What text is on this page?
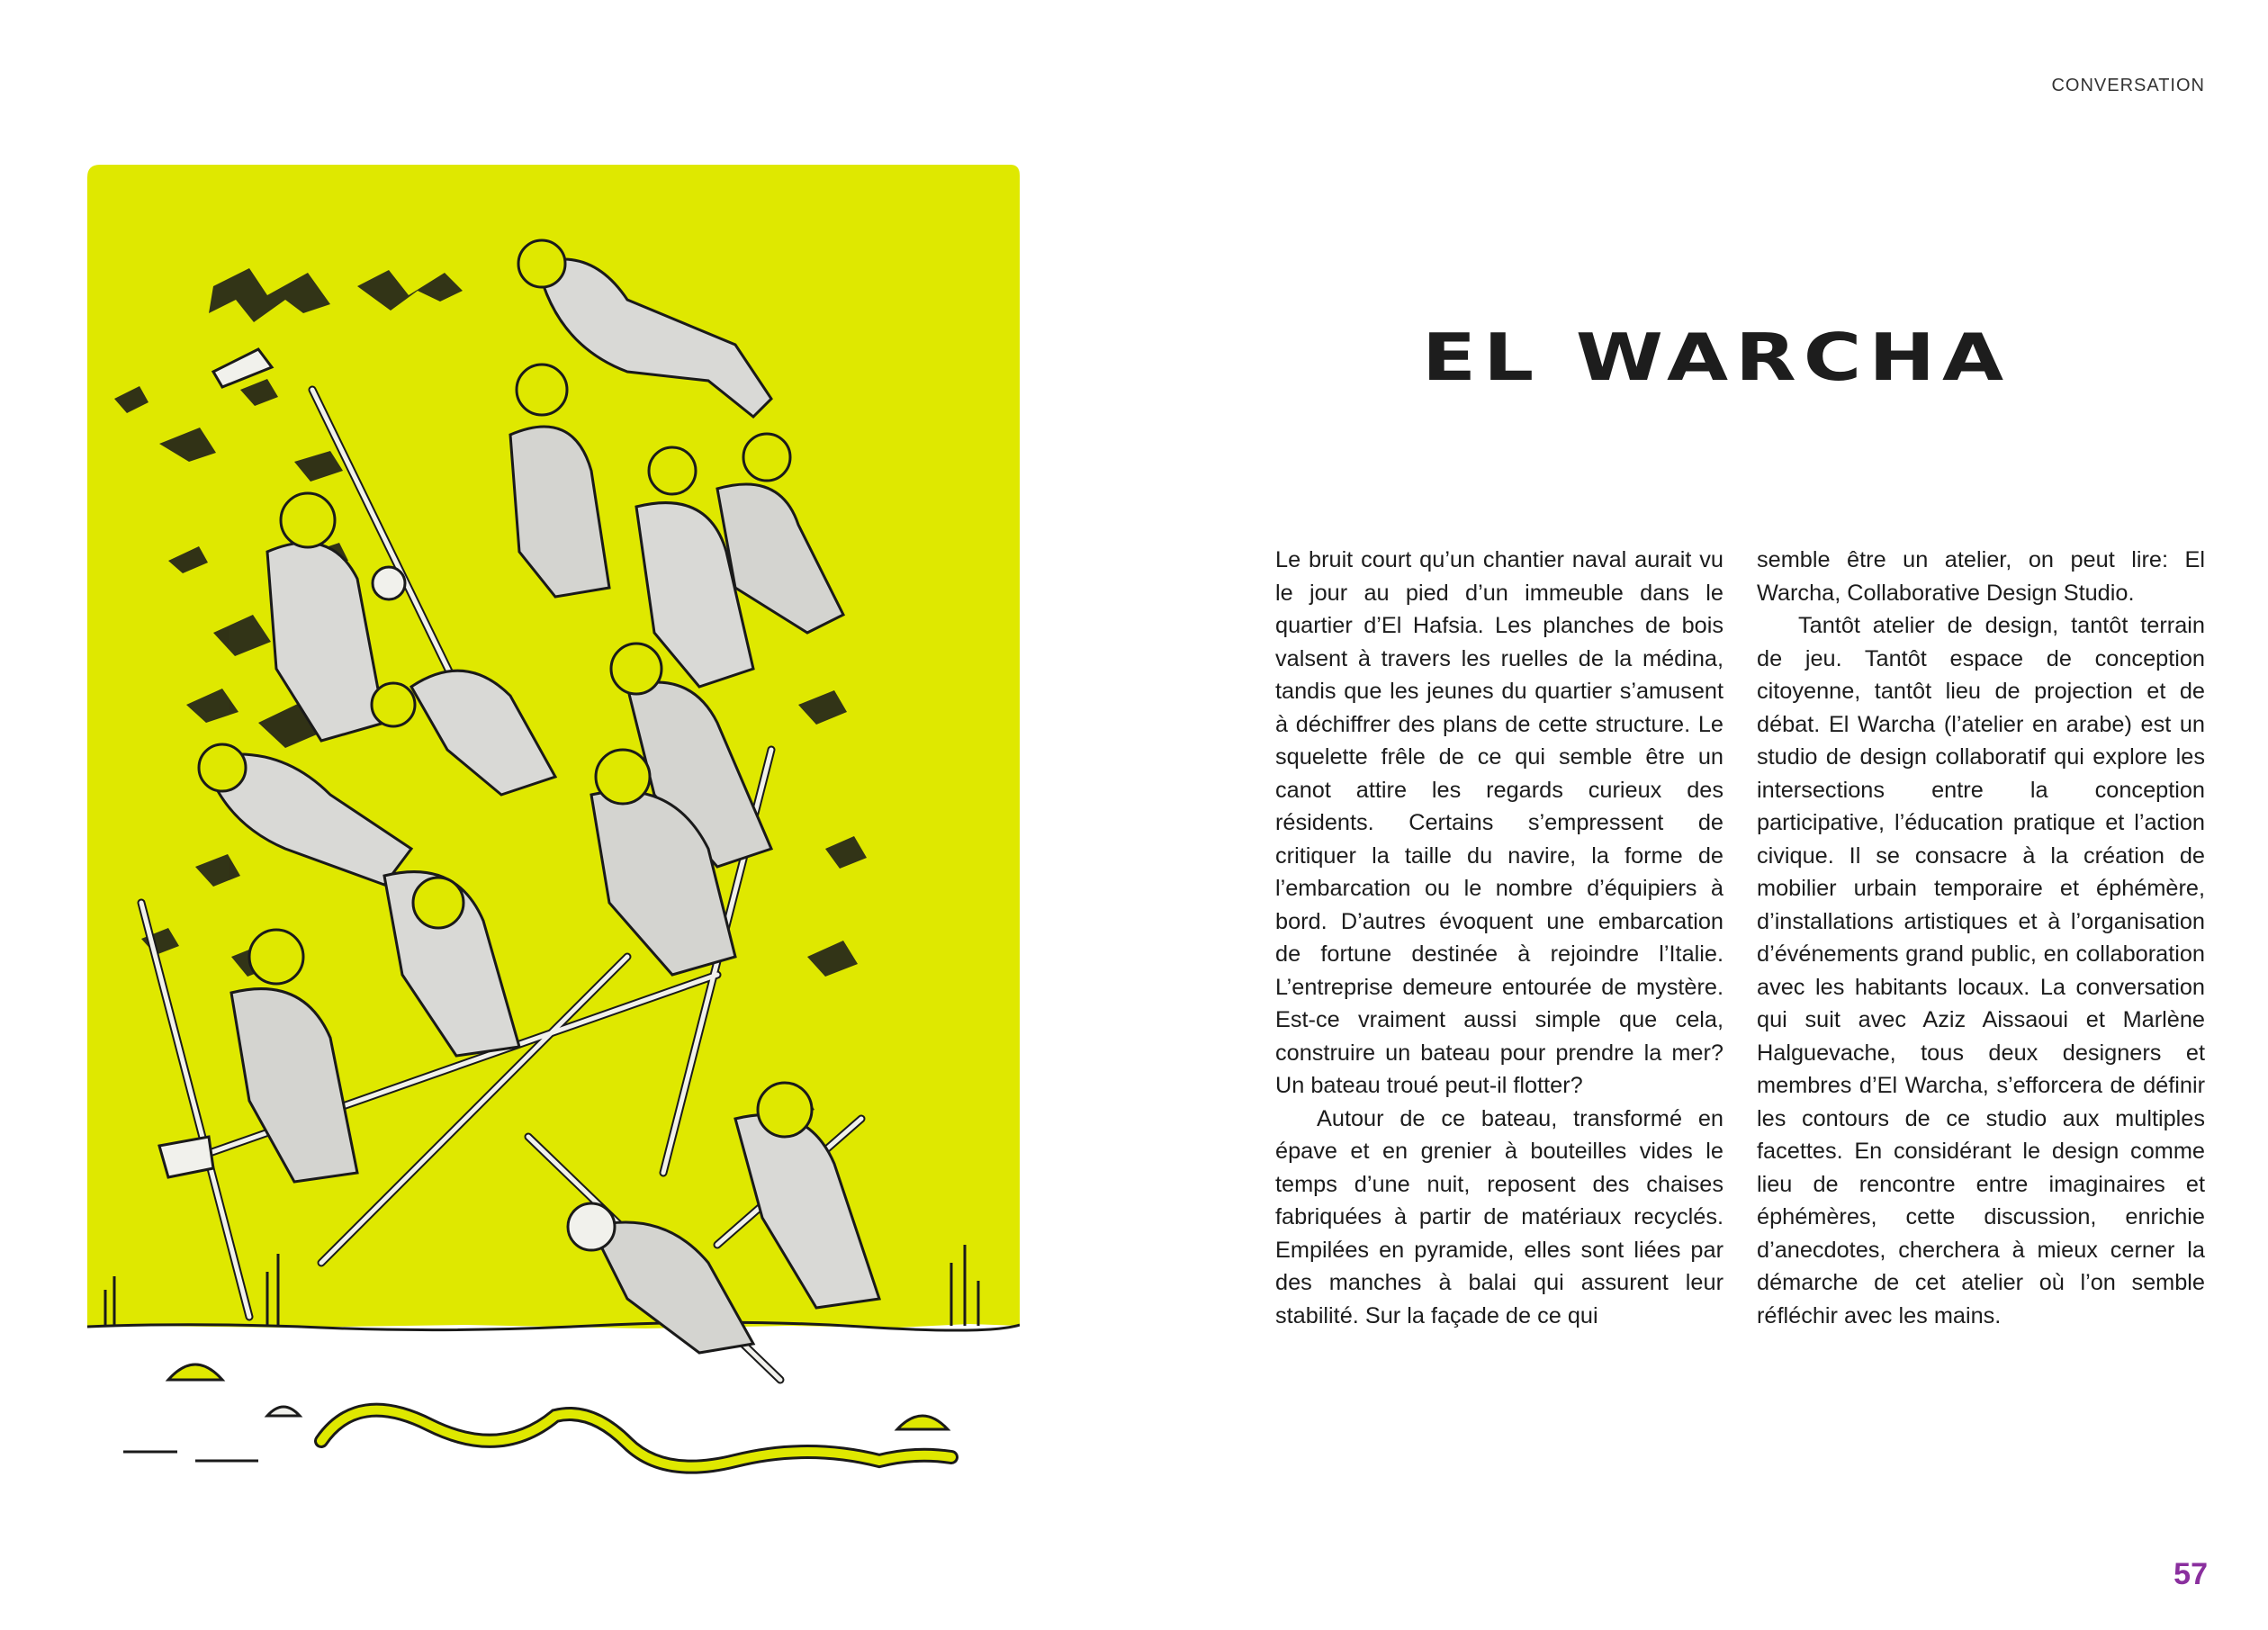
CONVERSATION
EL WARCHA

Le bruit court qu’un chantier naval aurait vu le jour au pied d’un immeuble dans le quartier d’El Hafsia. Les planches de bois valsent à travers les ruelles de la médina, tandis que les jeunes du quartier s’amusent à déchiffrer des plans de cette structure. Le squelette frêle de ce qui semble être un canot attire les regards curieux des résidents. Certains s’empressent de critiquer la taille du navire, la forme de l’embarcation ou le nombre d’équipiers à bord. D’autres évoquent une embarcation de fortune destinée à rejoindre l’Italie. L’entreprise demeure entourée de mystère. Est-ce vraiment aussi simple que cela, construire un bateau pour prendre la mer? Un bateau troué peut-il flotter?

Autour de ce bateau, transformé en épave et en grenier à bouteilles vides le temps d’une nuit, reposent des chaises fabriquées à partir de matériaux recyclés. Empilées en pyramide, elles sont liées par des manches à balai qui assurent leur stabilité. Sur la façade de ce qui

semble être un atelier, on peut lire: El Warcha, Collaborative Design Studio.

Tantôt atelier de design, tantôt terrain de jeu. Tantôt espace de conception citoyenne, tantôt lieu de projection et de débat. El Warcha (l’atelier en arabe) est un studio de design collaboratif qui explore les intersections entre la conception participative, l’éducation pratique et l’action civique. Il se consacre à la création de mobilier urbain temporaire et éphémère, d’installations artistiques et à l’organisation d’événements grand public, en collaboration avec les habitants locaux. La conversation qui suit avec Aziz Aissaoui et Marlène Halguevache, tous deux designers et membres d’El Warcha, s’efforcera de définir les contours de ce studio aux multiples facettes. En considérant le design comme lieu de rencontre entre imaginaires et éphémères, cette discussion, enrichie d’anecdotes, cherchera à mieux cerner la démarche de cet atelier où l’on semble réfléchir avec les mains.

57
